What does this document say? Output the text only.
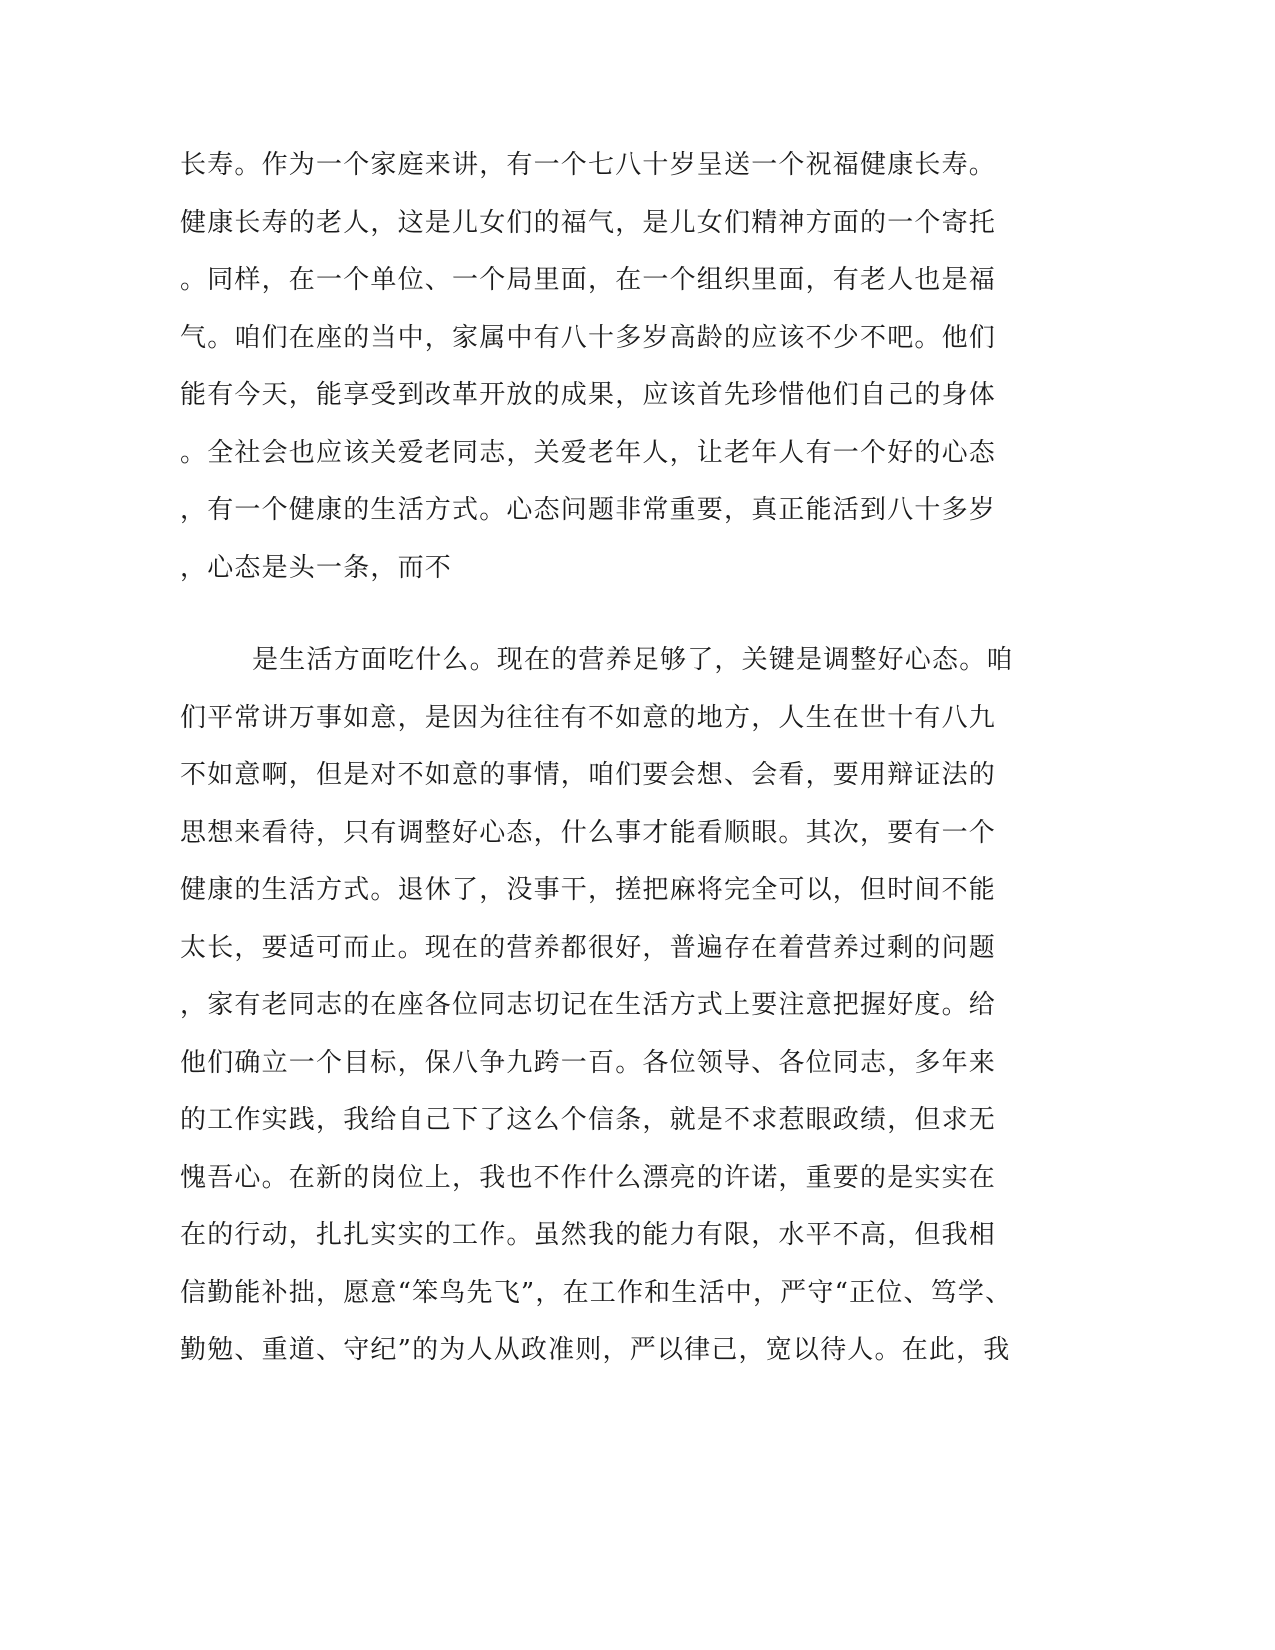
长寿。作为一个家庭来讲，有一个七八十岁呈送一个祝福健康长寿。
健康长寿的老人，这是儿女们的福气，是儿女们精神方面的一个寄托
。同样，在一个单位、一个局里面，在一个组织里面，有老人也是福
气。咱们在座的当中，家属中有八十多岁高龄的应该不少不吧。他们
能有今天，能享受到改革开放的成果，应该首先珍惜他们自己的身体
。全社会也应该关爱老同志，关爱老年人，让老年人有一个好的心态
，有一个健康的生活方式。心态问题非常重要，真正能活到八十多岁
，心态是头一条，而不
是生活方面吃什么。现在的营养足够了，关键是调整好心态。咱
们平常讲万事如意，是因为往往有不如意的地方，人生在世十有八九
不如意啊，但是对不如意的事情，咱们要会想、会看，要用辩证法的
思想来看待，只有调整好心态，什么事才能看顺眼。其次，要有一个
健康的生活方式。退休了，没事干，搓把麻将完全可以，但时间不能
太长，要适可而止。现在的营养都很好，普遍存在着营养过剩的问题
，家有老同志的在座各位同志切记在生活方式上要注意把握好度。给
他们确立一个目标，保八争九跨一百。各位领导、各位同志，多年来
的工作实践，我给自己下了这么个信条，就是不求惹眼政绩，但求无
愧吾心。在新的岗位上，我也不作什么漂亮的许诺，重要的是实实在
在的行动，扎扎实实的工作。虽然我的能力有限，水平不高，但我相
信勤能补拙，愿意“笨鸟先飞”，在工作和生活中，严守“正位、笃学、
勤勉、重道、守纪”的为人从政准则，严以律己，宽以待人。在此，我
